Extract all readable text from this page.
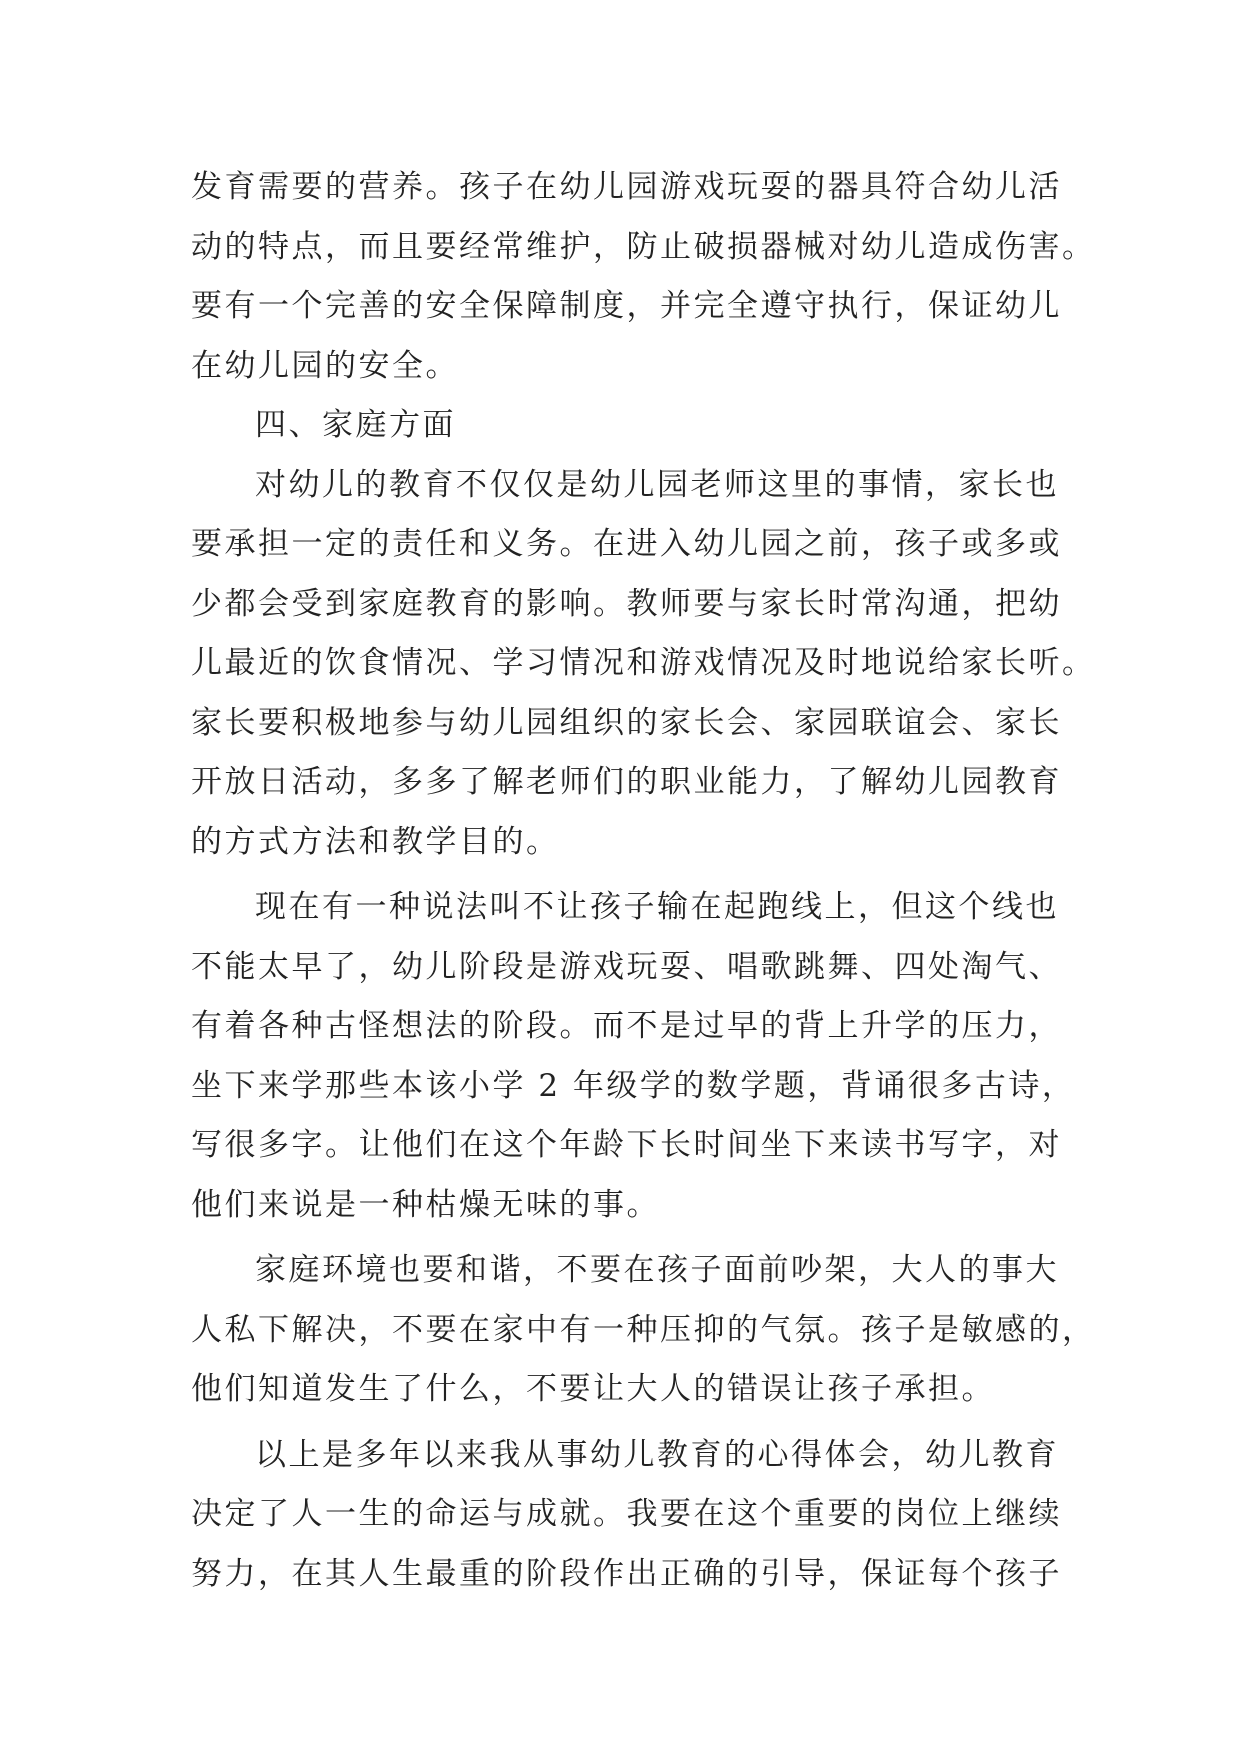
发育需要的营养。孩子在幼儿园游戏玩耍的器具符合幼儿活
动的特点，而且要经常维护，防止破损器械对幼儿造成伤害。
要有一个完善的安全保障制度，并完全遵守执行，保证幼儿
在幼儿园的安全。
四、家庭方面
对幼儿的教育不仅仅是幼儿园老师这里的事情，家长也
要承担一定的责任和义务。在进入幼儿园之前，孩子或多或
少都会受到家庭教育的影响。教师要与家长时常沟通，把幼
儿最近的饮食情况、学习情况和游戏情况及时地说给家长听。
家长要积极地参与幼儿园组织的家长会、家园联谊会、家长
开放日活动，多多了解老师们的职业能力，了解幼儿园教育
的方式方法和教学目的。
现在有一种说法叫不让孩子输在起跑线上，但这个线也
不能太早了，幼儿阶段是游戏玩耍、唱歌跳舞、四处淘气、
有着各种古怪想法的阶段。而不是过早的背上升学的压力，
坐下来学那些本该小学 2 年级学的数学题，背诵很多古诗，
写很多字。让他们在这个年龄下长时间坐下来读书写字，对
他们来说是一种枯燥无味的事。
家庭环境也要和谐，不要在孩子面前吵架，大人的事大
人私下解决，不要在家中有一种压抑的气氛。孩子是敏感的，
他们知道发生了什么，不要让大人的错误让孩子承担。
以上是多年以来我从事幼儿教育的心得体会，幼儿教育
决定了人一生的命运与成就。我要在这个重要的岗位上继续
努力，在其人生最重的阶段作出正确的引导，保证每个孩子
